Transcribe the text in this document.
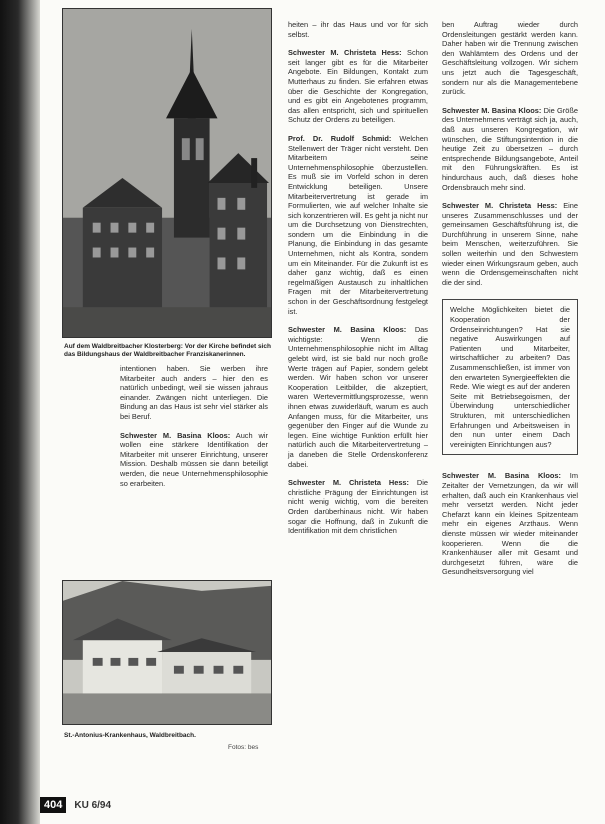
Auf dem Waldbreitbacher Klosterberg: Vor der Kirche befindet sich das Bildungshaus der Waldbreitbacher Franziskanerinnen.

intentionen haben. Sie werben ihre Mitarbeiter auch anders – hier den es natürlich unbedingt, weil sie wissen jahraus einander. Zwängen nicht unterliegen. Die Bindung an das Haus ist sehr viel stärker als bei Beruf.

Schwester M. Basina Kloos: Auch wir wollen eine stärkere Identifikation der Mitarbeiter mit unserer Einrichtung, unserer Mission. Deshalb müssen sie dann beteiligt werden, die neue Unternehmensphilosophie so erarbeiten.

St.-Antonius-Krankenhaus, Waldbreitbach.
Fotos: bes

heiten – ihr das Haus und vor für sich selbst.

Schwester M. Christeta Hess: Schon seit langer gibt es für die Mitarbeiter Angebote. Ein Bildungen, Kontakt zum Mutterhaus zu finden. Sie erfahren etwas über die Geschichte der Kongregation, und es gibt ein Angebotenes programm, das allen entspricht, sich und spirituellen Schutz der Ordens zu beteiligen.

Prof. Dr. Rudolf Schmid: Welchen Stellenwert der Träger nicht versteht. Den Mitarbeitern seine Unternehmensphilosophie überzustellen. Es muß sie im Vorfeld schon in deren Entwicklung beteiligen. Unsere Mitarbeitervertretung ist gerade im Formulierten, wie auf welcher Inhalte sie sich konzentrieren will. Es geht ja nicht nur um die Durchsetzung von Dienstrechten, sondern um die Einbindung in die Planung, die Einbindung in das gesamte Unternehmen, nicht als Kontra, sondern um ein Miteinander. Für die Zukunft ist es daher ganz wichtig, daß es einen regelmäßigen Austausch zu inhaltlichen Fragen mit der Mitarbeitervertretung schon in der Geschäftsordnung festgelegt ist.

Schwester M. Basina Kloos: Das wichtigste: Wenn die Unternehmensphilosophie nicht im Alltag gelebt wird, ist sie bald nur noch große Werte trägen auf Papier, sondern gelebt werden. Wir haben schon vor unserer Kooperation Leitbilder, die akzeptiert, waren Wertevermittlungsprozesse, wenn ihnen etwas zuwiderläuft, warum es auch Anfangen muss, für die Mitarbeiter, uns gegenüber den Finger auf die Wunde zu legen. Eine wichtige Funktion erfüllt hier natürlich auch die Mitarbeitervertretung – ja daneben die Stelle Ordenskonferenz dabei.

Schwester M. Christeta Hess: Die christliche Prägung der Einrichtungen ist nicht wenig wichtig, vom die bereiten Orden darüberhinaus nicht. Wir haben sogar die Hoffnung, daß in Zukunft die Identifikation mit dem christlichen

ben Auftrag wieder durch Ordensleitungen gestärkt werden kann. Daher haben wir die Trennung zwischen den Wahlämtern des Ordens und der Geschäftsleitung vollzogen. Wir sichern uns jetzt auch die Tagesgeschäft, sondern nur als die Managementebene zurück.

Schwester M. Basina Kloos: Die Größe des Unternehmens verträgt sich ja, auch, daß aus unseren Kongregation, wir wünschen, die Stiftungsintention in die heutige Zeit zu übersetzen – durch entsprechende Bildungsangebote, Anteil mit den Führungskräften. Es ist hindurchaus auch, daß dieses hohe Ordensbrauch mehr sind.

Schwester M. Christeta Hess: Eine unseres Zusammenschlusses und der gemeinsamen Geschäftsführung ist, die Durchführung in unserem Sinne, nahe beim Menschen, weiterzuführen. Sie sollen weiterhin und den Schwestern wieder einen Wirkungsraum geben, auch wenn die Ordensgemeinschaften nicht die der sind.

Welche Möglichkeiten bietet die Kooperation der Ordenseinrichtungen? Hat sie negative Auswirkungen auf Patienten und Mitarbeiter, wirtschaftlicher zu arbeiten? Das Zusammenschließen, ist immer von den erwarteten Synergieeffekten die Rede. Wie wiegt es auf der anderen Seite mit Betriebsegoismen, der Überwindung unterschiedlicher Strukturen, mit unterschiedlichen Erfahrungen und Arbeitsweisen in den nun unter einem Dach vereinigten Einrichtungen aus?

Schwester M. Basina Kloos: Im Zeitalter der Vernetzungen, da wir will erhalten, daß auch ein Krankenhaus viel mehr versetzt werden. Nicht jeder Chefarzt kann ein kleines Spitzenteam mehr ein eigenes Arzthaus. Wenn dienste müssen wir wieder miteinander kooperieren. Wenn die die Krankenhäuser aller mit Gesamt und durchgesetzt führen, wäre die Gesundheitsversorgung viel

404	KU 6/94
